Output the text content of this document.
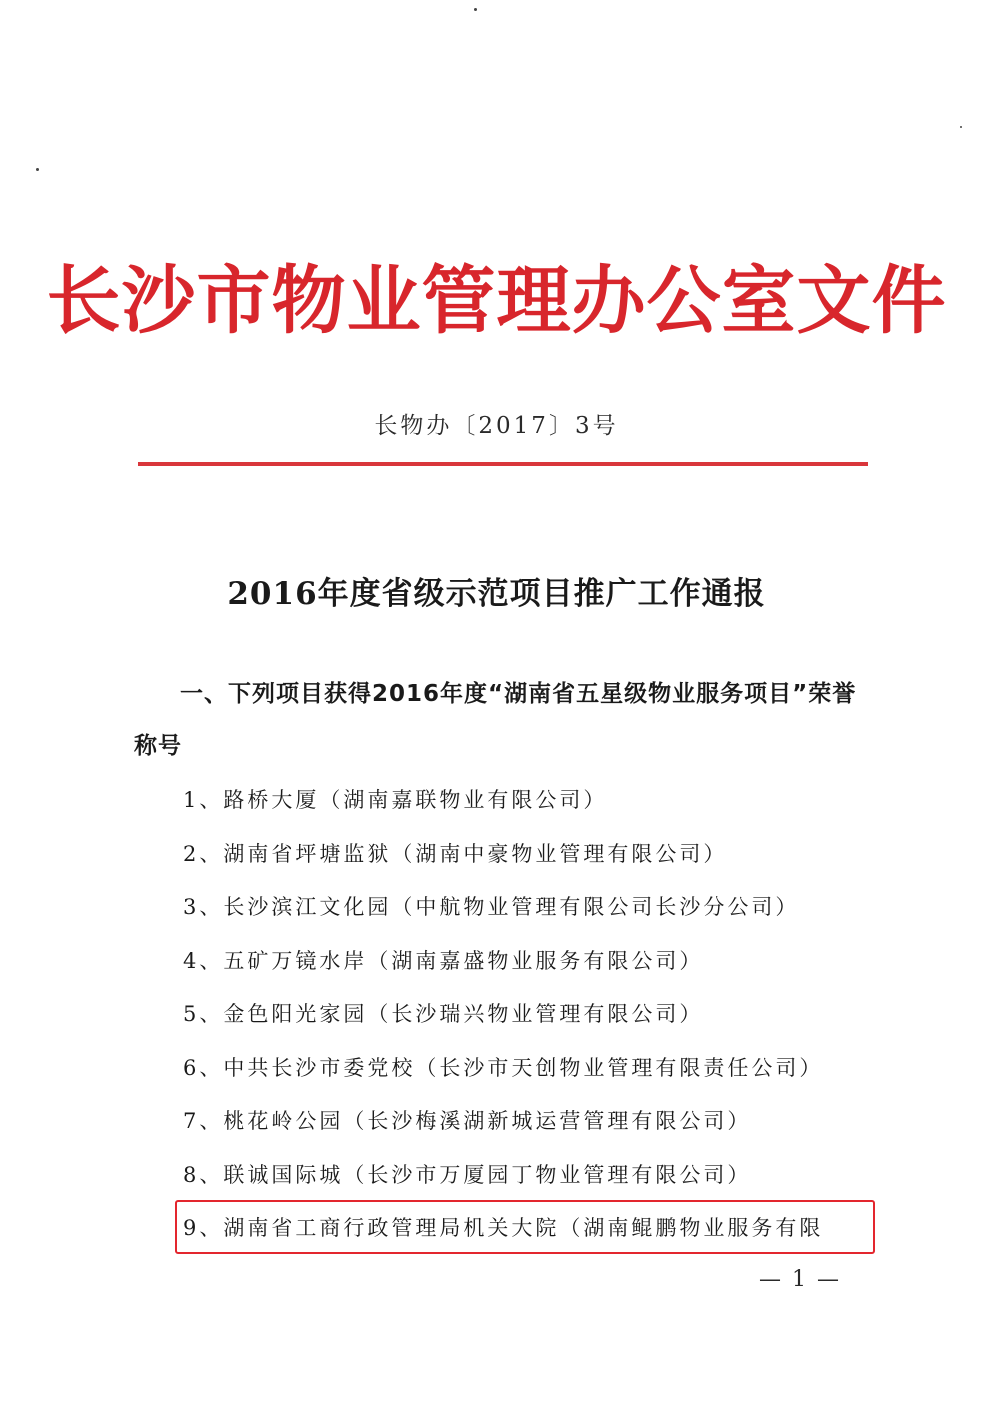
长沙市物业管理办公室文件
长物办〔2017〕3号
2016年度省级示范项目推广工作通报
一、下列项目获得2016年度“湖南省五星级物业服务项目”荣誉称号
1、路桥大厦（湖南嘉联物业有限公司）
2、湖南省坪塘监狱（湖南中豪物业管理有限公司）
3、长沙滨江文化园（中航物业管理有限公司长沙分公司）
4、五矿万镜水岸（湖南嘉盛物业服务有限公司）
5、金色阳光家园（长沙瑞兴物业管理有限公司）
6、中共长沙市委党校（长沙市天创物业管理有限责任公司）
7、桃花岭公园（长沙梅溪湖新城运营管理有限公司）
8、联诚国际城（长沙市万厦园丁物业管理有限公司）
9、湖南省工商行政管理局机关大院（湖南鲲鹏物业服务有限
— 1 —
